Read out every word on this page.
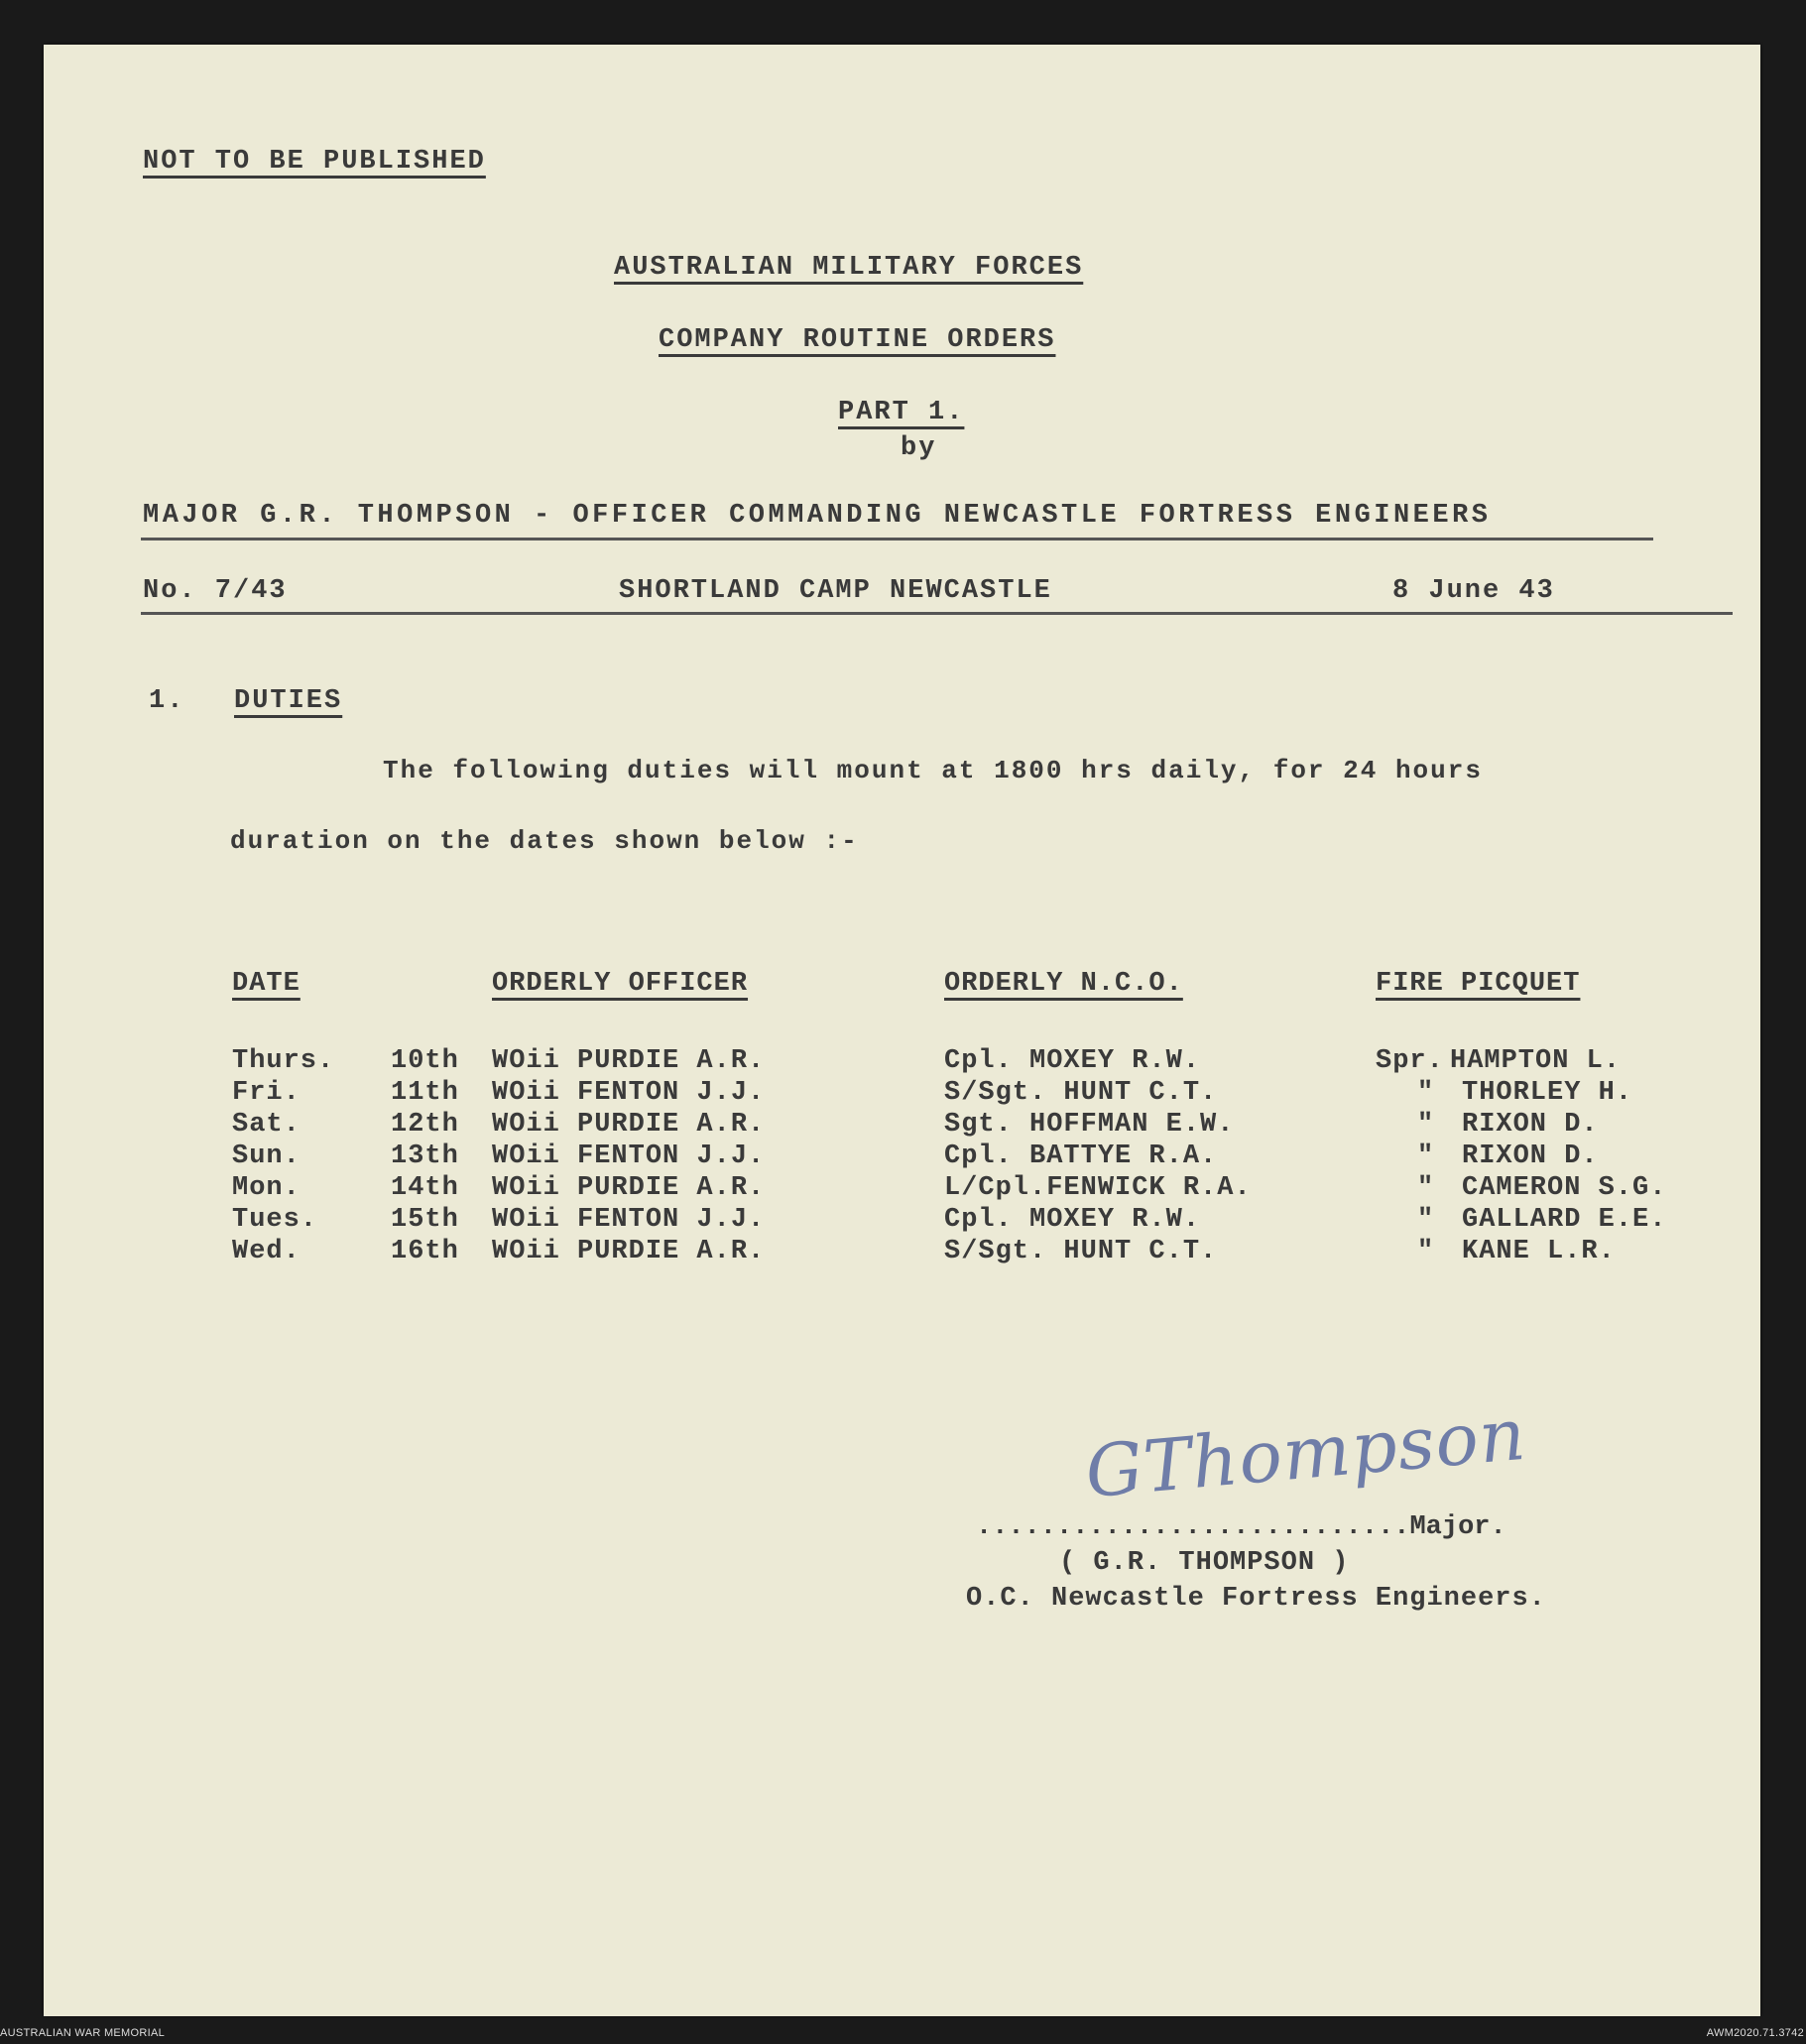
NOT TO BE PUBLISHED
AUSTRALIAN MILITARY FORCES
COMPANY ROUTINE ORDERS
PART 1.
by
MAJOR G.R. THOMPSON - OFFICER COMMANDING NEWCASTLE FORTRESS ENGINEERS
No. 7/43	SHORTLAND CAMP NEWCASTLE	8 June 43
1. DUTIES
The following duties will mount at 1800 hrs daily, for 24 hours
duration on the dates shown below :-
DATE	ORDERLY OFFICER	ORDERLY N.C.O.	FIRE PICQUET
Thurs. 10th WOii PURDIE A.R.	Cpl. MOXEY R.W.	Spr. HAMPTON L.
Fri.	11th WOii FENTON J.J.	S/Sgt. HUNT C.T.	" THORLEY H.
Sat.	12th WOii PURDIE A.R.	Sgt. HOFFMAN E.W.	" RIXON D.
Sun.	13th WOii FENTON J.J.	Cpl. BATTYE R.A.	" RIXON D.
Mon.	14th WOii PURDIE A.R.	L/Cpl.FENWICK R.A.	" CAMERON S.G.
Tues.	15th WOii FENTON J.J.	Cpl. MOXEY R.W.	" GALLARD E.E.
Wed.	16th WOii PURDIE A.R.	S/Sgt. HUNT C.T.	" KANE L.R.
GThompson
...........................Major.
( G.R. THOMPSON )
O.C. Newcastle Fortress Engineers.
AUSTRALIAN WAR MEMORIAL	AWM2020.71.3742
